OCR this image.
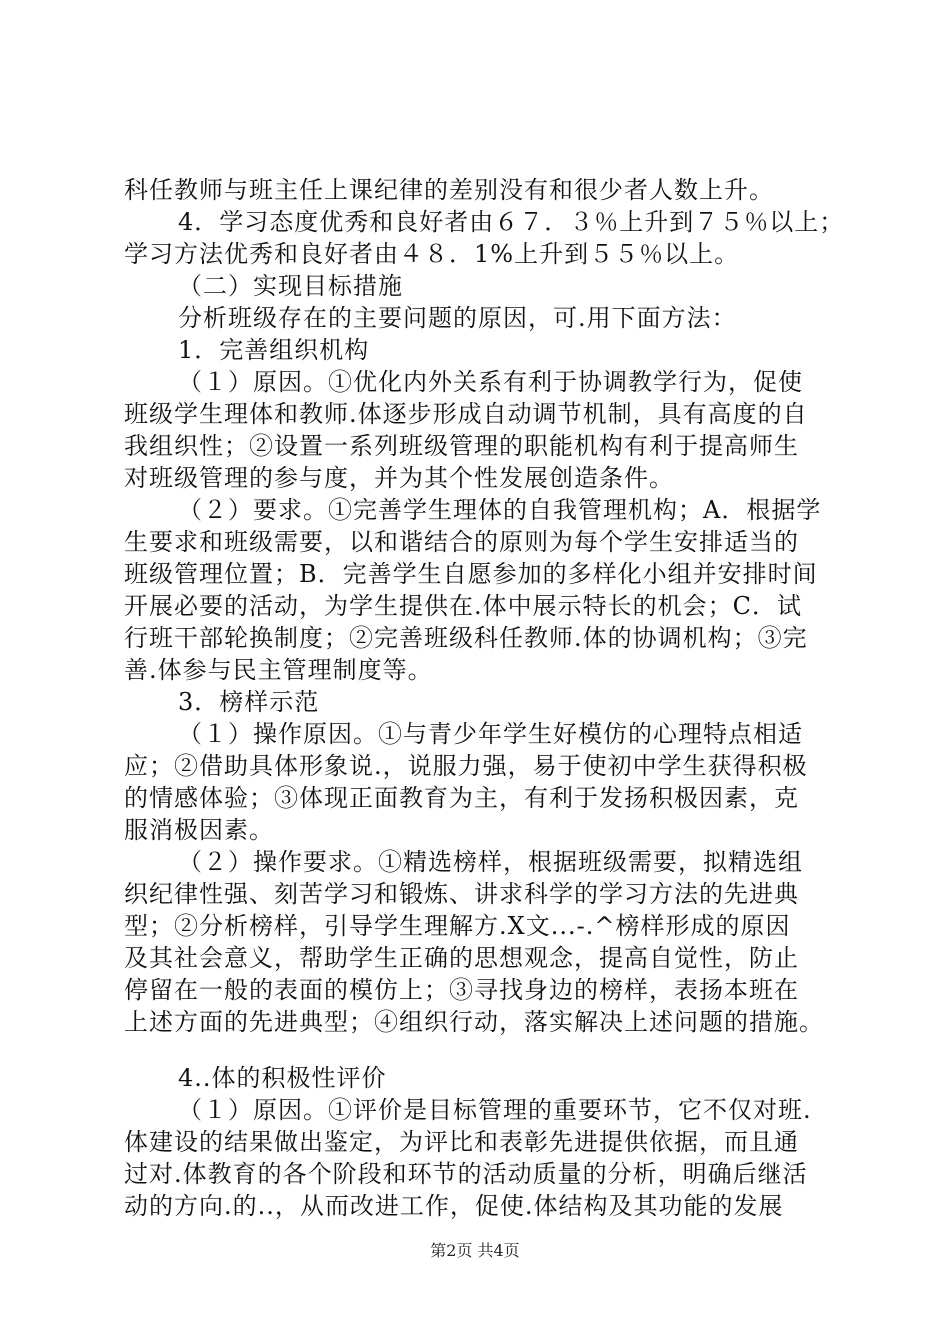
科任教师与班主任上课纪律的差别没有和很少者人数上升。
4．学习态度优秀和良好者由６７．３％上升到７５％以上；
学习方法优秀和良好者由４８．1%上升到５５％以上。
（二）实现目标措施
分析班级存在的主要问题的原因，可.用下面方法：
1．完善组织机构
（１）原因。①优化内外关系有利于协调教学行为，促使
班级学生理体和教师.体逐步形成自动调节机制，具有高度的自
我组织性；②设置一系列班级管理的职能机构有利于提高师生
对班级管理的参与度，并为其个性发展创造条件。
（２）要求。①完善学生理体的自我管理机构；A．根据学
生要求和班级需要，以和谐结合的原则为每个学生安排适当的
班级管理位置；B．完善学生自愿参加的多样化小组并安排时间
开展必要的活动，为学生提供在.体中展示特长的机会；C．试
行班干部轮换制度；②完善班级科任教师.体的协调机构；③完
善.体参与民主管理制度等。
3．榜样示范
（１）操作原因。①与青少年学生好模仿的心理特点相适
应；②借助具体形象说.，说服力强，易于使初中学生获得积极
的情感体验；③体现正面教育为主，有利于发扬积极因素，克
服消极因素。
（２）操作要求。①精选榜样，根据班级需要，拟精选组
织纪律性强、刻苦学习和锻炼、讲求科学的学习方法的先进典
型；②分析榜样，引导学生理解方.X文...-.^榜样形成的原因
及其社会意义，帮助学生正确的思想观念，提高自觉性，防止
停留在一般的表面的模仿上；③寻找身边的榜样，表扬本班在
上述方面的先进典型；④组织行动，落实解决上述问题的措施。
4..体的积极性评价
（１）原因。①评价是目标管理的重要环节，它不仅对班.
体建设的结果做出鉴定，为评比和表彰先进提供依据，而且通
过对.体教育的各个阶段和环节的活动质量的分析，明确后继活
动的方向.的..，从而改进工作，促使.体结构及其功能的发展
第2页 共4页
